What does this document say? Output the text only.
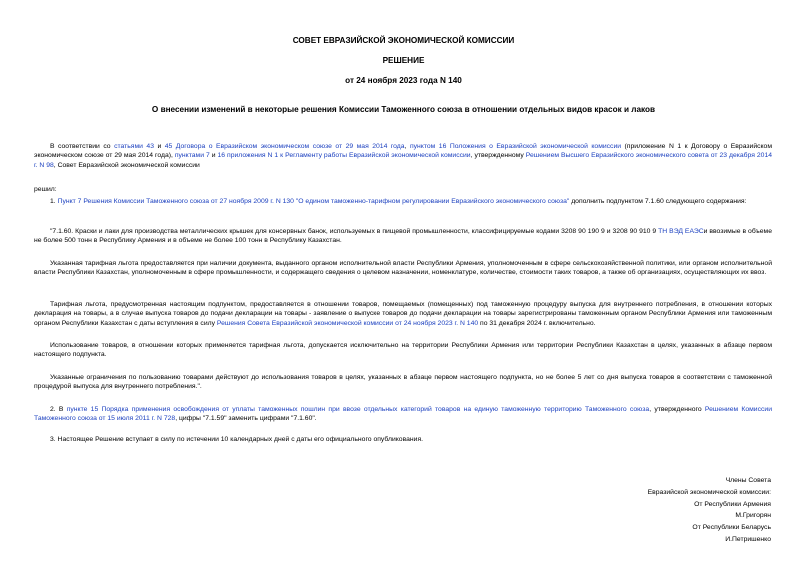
СОВЕТ ЕВРАЗИЙСКОЙ ЭКОНОМИЧЕСКОЙ КОМИССИИ
РЕШЕНИЕ
от 24 ноября 2023 года N 140
О внесении изменений в некоторые решения Комиссии Таможенного союза в отношении отдельных видов красок и лаков
В соответствии со статьями 43 и 45 Договора о Евразийском экономическом союзе от 29 мая 2014 года, пунктом 16 Положения о Евразийской экономической комиссии (приложение N 1 к Договору о Евразийском экономическом союзе от 29 мая 2014 года), пунктами 7 и 16 приложения N 1 к Регламенту работы Евразийской экономической комиссии, утвержденному Решением Высшего Евразийского экономического совета от 23 декабря 2014 г. N 98, Совет Евразийской экономической комиссии
решил:
1. Пункт 7 Решения Комиссии Таможенного союза от 27 ноября 2009 г. N 130 "О едином таможенно-тарифном регулировании Евразийского экономического союза" дополнить подпунктом 7.1.60 следующего содержания:
"7.1.60. Краски и лаки для производства металлических крышек для консервных банок, используемых в пищевой промышленности, классифицируемые кодами 3208 90 190 9 и 3208 90 910 9 ТН ВЭД ЕАЭСи ввозимые в объеме не более 500 тонн в Республику Армения и в объеме не более 100 тонн в Республику Казахстан.
Указанная тарифная льгота предоставляется при наличии документа, выданного органом исполнительной власти Республики Армения, уполномоченным в сфере сельскохозяйственной политики, или органом исполнительной власти Республики Казахстан, уполномоченным в сфере промышленности, и содержащего сведения о целевом назначении, номенклатуре, количестве, стоимости таких товаров, а также об организациях, осуществляющих их ввоз.
Тарифная льгота, предусмотренная настоящим подпунктом, предоставляется в отношении товаров, помещаемых (помещенных) под таможенную процедуру выпуска для внутреннего потребления, в отношении которых декларация на товары, а в случае выпуска товаров до подачи декларации на товары - заявление о выпуске товаров до подачи декларации на товары зарегистрированы таможенным органом Республики Армения или таможенным органом Республики Казахстан с даты вступления в силу Решения Совета Евразийской экономической комиссии от 24 ноября 2023 г. N 140 по 31 декабря 2024 г. включительно.
Использование товаров, в отношении которых применяется тарифная льгота, допускается исключительно на территории Республики Армения или территории Республики Казахстан в целях, указанных в абзаце первом настоящего подпункта.
Указанные ограничения по пользованию товарами действуют до использования товаров в целях, указанных в абзаце первом настоящего подпункта, но не более 5 лет со дня выпуска товаров в соответствии с таможенной процедурой выпуска для внутреннего потребления.".
2. В пункте 15 Порядка применения освобождения от уплаты таможенных пошлин при ввозе отдельных категорий товаров на единую таможенную территорию Таможенного союза, утвержденного Решением Комиссии Таможенного союза от 15 июля 2011 г. N 728, цифры "7.1.59" заменить цифрами "7.1.60".
3. Настоящее Решение вступает в силу по истечении 10 календарных дней с даты его официального опубликования.
Члены Совета
Евразийской экономической комиссии:
От Республики Армения
М.Григорян
От Республики Беларусь
И.Петришенко
